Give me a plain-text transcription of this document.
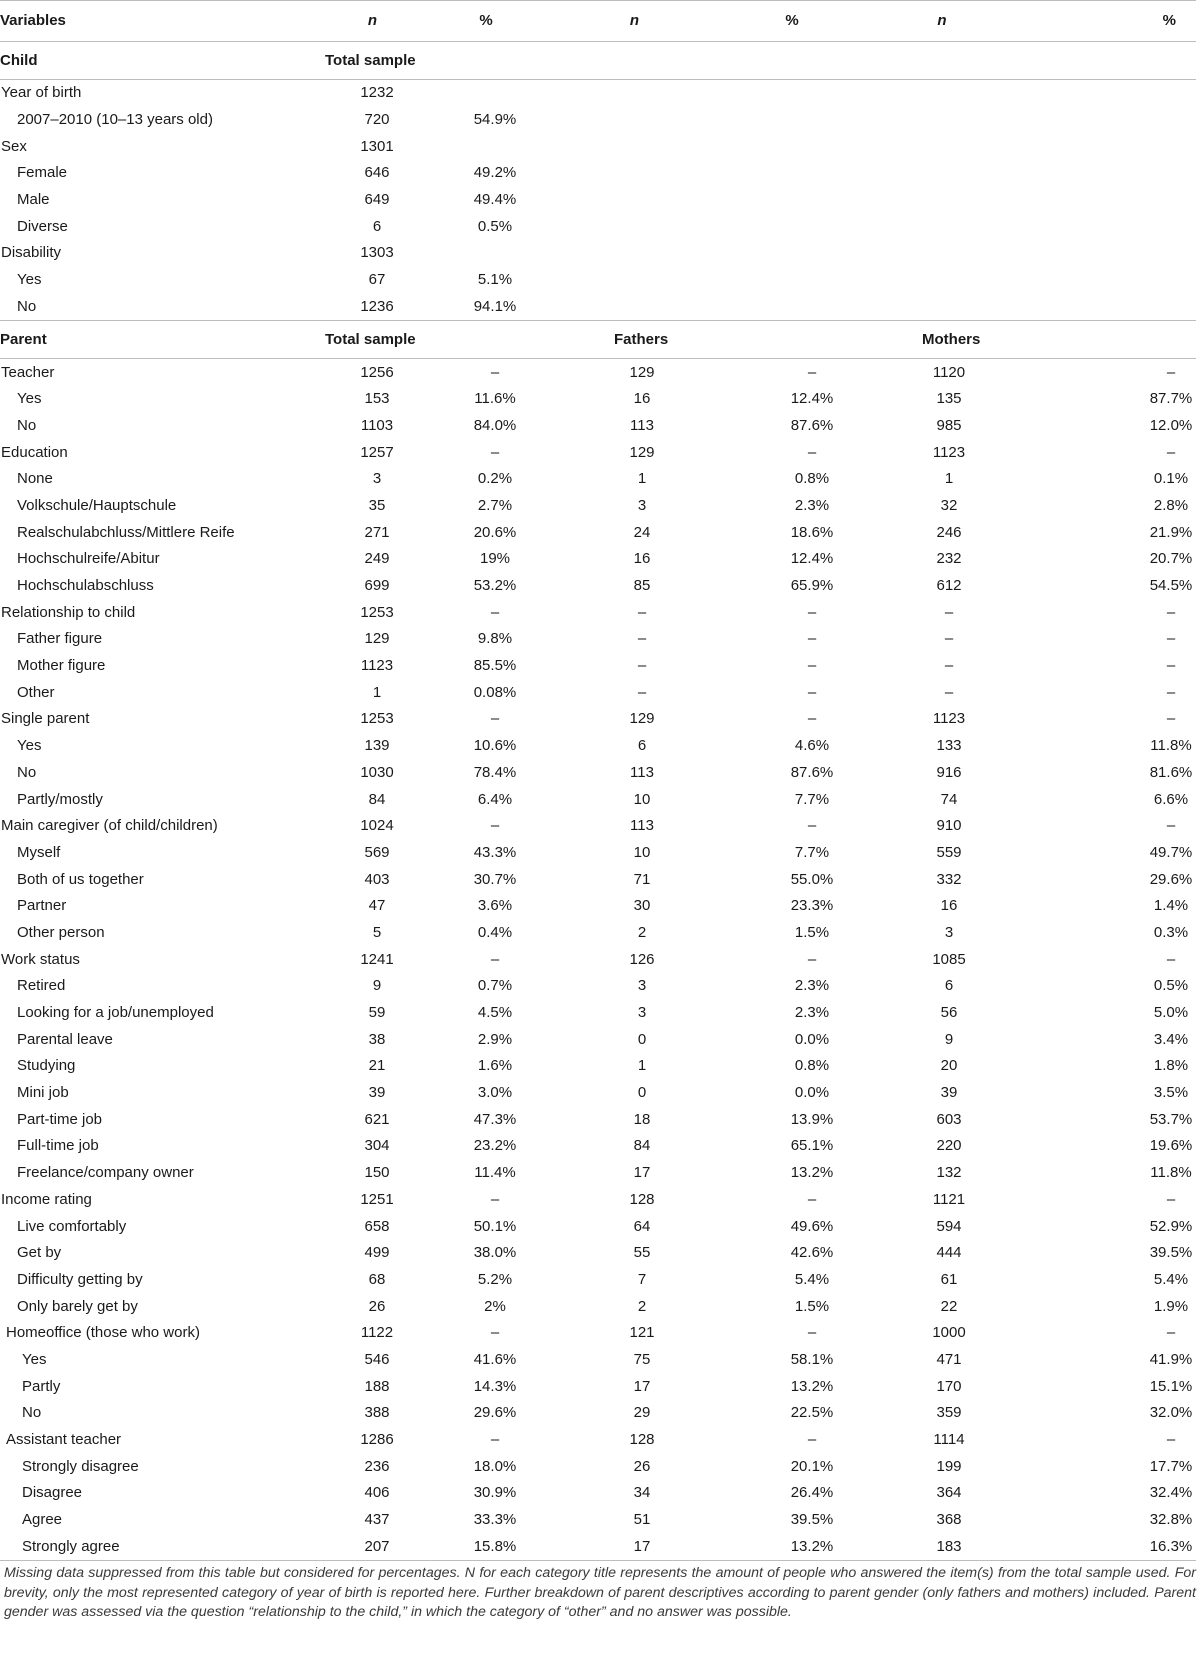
Variables	n	%	n	%	n	%
Child	Total sample					
Year of birth	1232					
2007–2010 (10–13 years old)	720	54.9%				
Sex	1301					
Female	646	49.2%				
Male	649	49.4%				
Diverse	6	0.5%				
Disability	1303					
Yes	67	5.1%				
No	1236	94.1%				
Parent	Total sample		Fathers		Mothers	
Teacher	1256	–	129	–	1120	–
Yes	153	11.6%	16	12.4%	135	87.7%
No	1103	84.0%	113	87.6%	985	12.0%
Education	1257	–	129	–	1123	–
None	3	0.2%	1	0.8%	1	0.1%
Volkschule/Hauptschule	35	2.7%	3	2.3%	32	2.8%
Realschulabchluss/Mittlere Reife	271	20.6%	24	18.6%	246	21.9%
Hochschulreife/Abitur	249	19%	16	12.4%	232	20.7%
Hochschulabschluss	699	53.2%	85	65.9%	612	54.5%
Relationship to child	1253	–	–	–	–	–
Father figure	129	9.8%	–	–	–	–
Mother figure	1123	85.5%	–	–	–	–
Other	1	0.08%	–	–	–	–
Single parent	1253	–	129	–	1123	–
Yes	139	10.6%	6	4.6%	133	11.8%
No	1030	78.4%	113	87.6%	916	81.6%
Partly/mostly	84	6.4%	10	7.7%	74	6.6%
Main caregiver (of child/children)	1024	–	113	–	910	–
Myself	569	43.3%	10	7.7%	559	49.7%
Both of us together	403	30.7%	71	55.0%	332	29.6%
Partner	47	3.6%	30	23.3%	16	1.4%
Other person	5	0.4%	2	1.5%	3	0.3%
Work status	1241	–	126	–	1085	–
Retired	9	0.7%	3	2.3%	6	0.5%
Looking for a job/unemployed	59	4.5%	3	2.3%	56	5.0%
Parental leave	38	2.9%	0	0.0%	9	3.4%
Studying	21	1.6%	1	0.8%	20	1.8%
Mini job	39	3.0%	0	0.0%	39	3.5%
Part-time job	621	47.3%	18	13.9%	603	53.7%
Full-time job	304	23.2%	84	65.1%	220	19.6%
Freelance/company owner	150	11.4%	17	13.2%	132	11.8%
Income rating	1251	–	128	–	1121	–
Live comfortably	658	50.1%	64	49.6%	594	52.9%
Get by	499	38.0%	55	42.6%	444	39.5%
Difficulty getting by	68	5.2%	7	5.4%	61	5.4%
Only barely get by	26	2%	2	1.5%	22	1.9%
Homeoffice (those who work)	1122	–	121	–	1000	–
Yes	546	41.6%	75	58.1%	471	41.9%
Partly	188	14.3%	17	13.2%	170	15.1%
No	388	29.6%	29	22.5%	359	32.0%
Assistant teacher	1286	–	128	–	1114	–
Strongly disagree	236	18.0%	26	20.1%	199	17.7%
Disagree	406	30.9%	34	26.4%	364	32.4%
Agree	437	33.3%	51	39.5%	368	32.8%
Strongly agree	207	15.8%	17	13.2%	183	16.3%
Missing data suppressed from this table but considered for percentages. N for each category title represents the amount of people who answered the item(s) from the total sample used. For brevity, only the most represented category of year of birth is reported here. Further breakdown of parent descriptives according to parent gender (only fathers and mothers) included. Parent gender was assessed via the question “relationship to the child,” in which the category of “other” and no answer was possible.
